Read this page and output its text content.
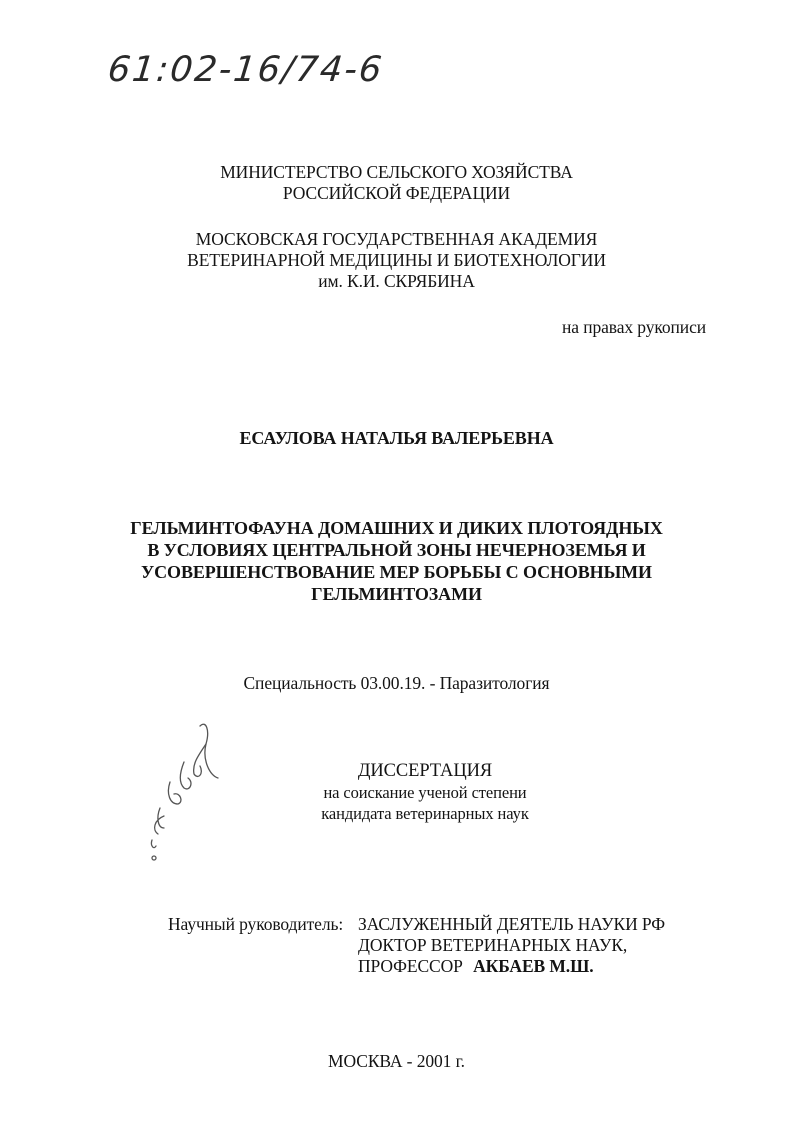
61:02-16/74-6
МИНИСТЕРСТВО СЕЛЬСКОГО ХОЗЯЙСТВА
РОССИЙСКОЙ ФЕДЕРАЦИИ
МОСКОВСКАЯ ГОСУДАРСТВЕННАЯ АКАДЕМИЯ
ВЕТЕРИНАРНОЙ МЕДИЦИНЫ И БИОТЕХНОЛОГИИ
им. К.И. СКРЯБИНА
на правах рукописи
ЕСАУЛОВА НАТАЛЬЯ ВАЛЕРЬЕВНА
ГЕЛЬМИНТОФАУНА ДОМАШНИХ И ДИКИХ ПЛОТОЯДНЫХ
В УСЛОВИЯХ ЦЕНТРАЛЬНОЙ ЗОНЫ НЕЧЕРНОЗЕМЬЯ И
УСОВЕРШЕНСТВОВАНИЕ МЕР БОРЬБЫ С ОСНОВНЫМИ
ГЕЛЬМИНТОЗАМИ
Специальность 03.00.19. - Паразитология
ДИССЕРТАЦИЯ
на соискание ученой степени
кандидата ветеринарных наук
Научный руководитель: ЗАСЛУЖЕННЫЙ ДЕЯТЕЛЬ НАУКИ РФ
ДОКТОР ВЕТЕРИНАРНЫХ НАУК,
ПРОФЕССОР АКБАЕВ М.Ш.
МОСКВА - 2001 г.
